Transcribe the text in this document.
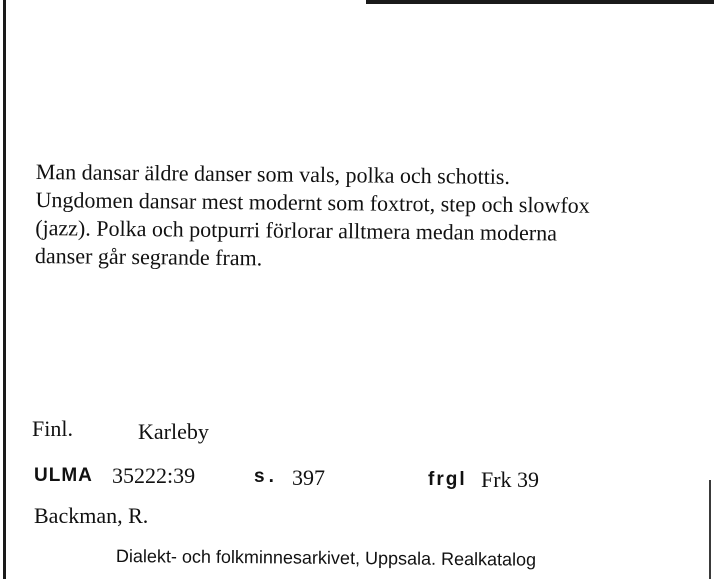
Man dansar äldre danser som vals, polka och schottis.
Ungdomen dansar mest modernt som foxtrot, step och slowfox
(jazz). Polka och potpurri förlorar alltmera medan moderna
danser går segrande fram.

Finl.	Karleby
ULMA 35222:39	s. 397	frgl Frk 39
Backman, R.
Dialekt- och folkminnesarkivet, Uppsala. Realkatalog
